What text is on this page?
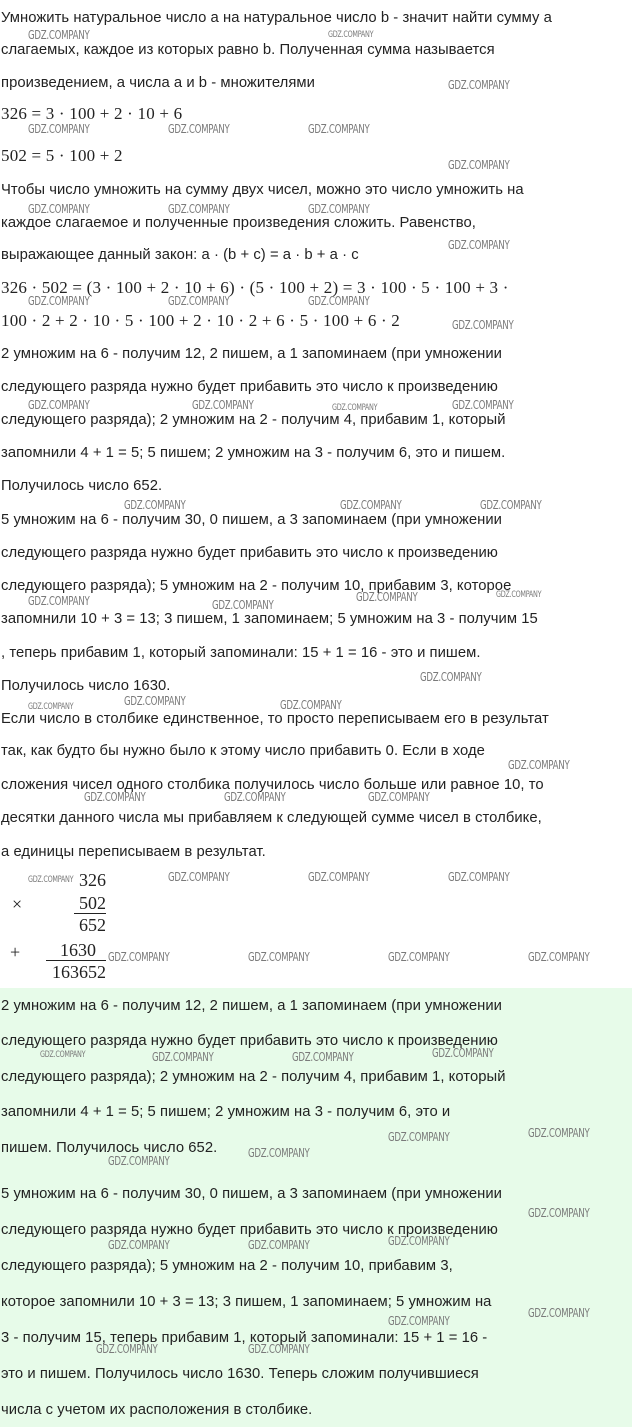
Умножить натуральное число a на натуральное число b - значит найти сумму a
слагаемых, каждое из которых равно b. Полученная сумма называется
произведением, а числа a и b - множителями
326 = 3 · 100 + 2 · 10 + 6
502 = 5 · 100 + 2
Чтобы число умножить на сумму двух чисел, можно это число умножить на
каждое слагаемое и полученные произведения сложить. Равенство,
выражающее данный закон: a · (b + c) = a · b + a · c
326 · 502 = (3 · 100 + 2 · 10 + 6) · (5 · 100 + 2) = 3 · 100 · 5 · 100 + 3 ·
100 · 2 + 2 · 10 · 5 · 100 + 2 · 10 · 2 + 6 · 5 · 100 + 6 · 2
2 умножим на 6 - получим 12, 2 пишем, а 1 запоминаем (при умножении
следующего разряда нужно будет прибавить это число к произведению
следующего разряда); 2 умножим на 2 - получим 4, прибавим 1, который
запомнили 4 + 1 = 5; 5 пишем; 2 умножим на 3 - получим 6, это и пишем.
Получилось число 652.
5 умножим на 6 - получим 30, 0 пишем, а 3 запоминаем (при умножении
следующего разряда нужно будет прибавить это число к произведению
следующего разряда); 5 умножим на 2 - получим 10, прибавим 3, которое
запомнили 10 + 3 = 13; 3 пишем, 1 запоминаем; 5 умножим на 3 - получим 15
, теперь прибавим 1, который запоминали: 15 + 1 = 16 - это и пишем.
Получилось число 1630.
Если число в столбике единственное, то просто переписываем его в результат
так, как будто бы нужно было к этому число прибавить 0. Если в ходе
сложения чисел одного столбика получилось число больше или равное 10, то
десятки данного числа мы прибавляем к следующей сумме чисел в столбике,
а единицы переписываем в результат.
2 умножим на 6 - получим 12, 2 пишем, а 1 запоминаем (при умножении
следующего разряда нужно будет прибавить это число к произведению
следующего разряда); 2 умножим на 2 - получим 4, прибавим 1, который
запомнили 4 + 1 = 5; 5 пишем; 2 умножим на 3 - получим 6, это и
пишем. Получилось число 652.
5 умножим на 6 - получим 30, 0 пишем, а 3 запоминаем (при умножении
следующего разряда нужно будет прибавить это число к произведению
следующего разряда); 5 умножим на 2 - получим 10, прибавим 3,
которое запомнили 10 + 3 = 13; 3 пишем, 1 запоминаем; 5 умножим на
3 - получим 15, теперь прибавим 1, который запоминали: 15 + 1 = 16 -
это и пишем. Получилось число 1630. Теперь сложим получившиеся
числа с учетом их расположения в столбике.
326
×	502
652
+ 1630
163652
GDZ.COMPANY	GDZ.COMPANY
GDZ.COMPANY
GDZ.COMPANY	GDZ.COMPANY	GDZ.COMPANY
GDZ.COMPANY
GDZ.COMPANY	GDZ.COMPANY	GDZ.COMPANY
GDZ.COMPANY
GDZ.COMPANY	GDZ.COMPANY	GDZ.COMPANY
GDZ.COMPANY
GDZ.COMPANY	GDZ.COMPANY	GDZ.COMPANY	GDZ.COMPANY
GDZ.COMPANY	GDZ.COMPANY	GDZ.COMPANY
GDZ.COMPANY	GDZ.COMPANY
GDZ.COMPANY	GDZ.COMPANY
GDZ.COMPANY
GDZ.COMPANY	GDZ.COMPANY	GDZ.COMPANY
GDZ.COMPANY
GDZ.COMPANY	GDZ.COMPANY	GDZ.COMPANY
GDZ.COMPANY	GDZ.COMPANY	GDZ.COMPANY	GDZ.COMPANY
GDZ.COMPANY	GDZ.COMPANY	GDZ.COMPANY	GDZ.COMPANY
GDZ.COMPANY	GDZ.COMPANY	GDZ.COMPANY	GDZ.COMPANY
GDZ.COMPANY	GDZ.COMPANY
GDZ.COMPANY
GDZ.COMPANY
GDZ.COMPANY
GDZ.COMPANY	GDZ.COMPANY	GDZ.COMPANY
GDZ.COMPANY
GDZ.COMPANY
GDZ.COMPANY	GDZ.COMPANY
